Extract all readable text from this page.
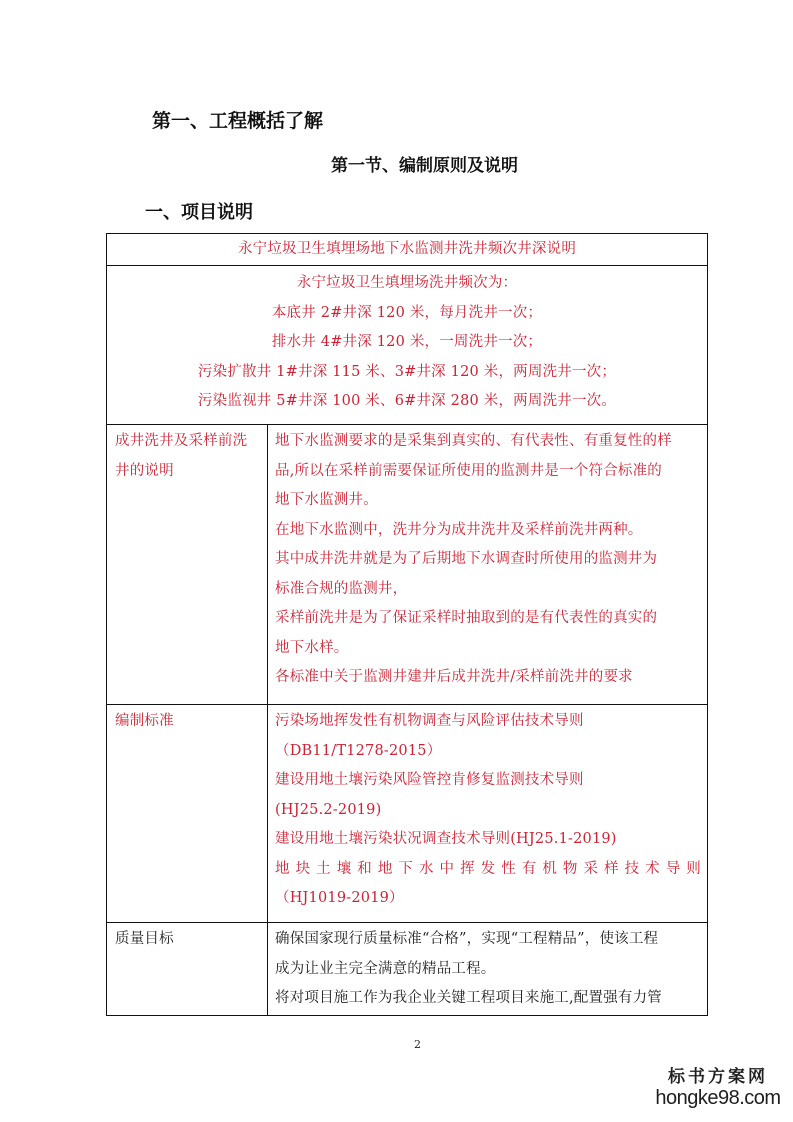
第一、工程概括了解
第一节、编制原则及说明
一、项目说明
永宁垃圾卫生填埋场地下水监测井洗井频次井深说明
永宁垃圾卫生填埋场洗井频次为：
本底井 2#井深 120 米，每月洗井一次；
排水井 4#井深 120 米，一周洗井一次；
污染扩散井 1#井深 115 米、3#井深 120 米，两周洗井一次；
污染监视井 5#井深 100 米、6#井深 280 米，两周洗井一次。
成井洗井及采样前洗
井的说明
地下水监测要求的是采集到真实的、有代表性、有重复性的样
品,所以在采样前需要保证所使用的监测井是一个符合标准的
地下水监测井。
在地下水监测中，洗井分为成井洗井及采样前洗井两种。
其中成井洗井就是为了后期地下水调查时所使用的监测井为
标准合规的监测井，
采样前洗井是为了保证采样时抽取到的是有代表性的真实的
地下水样。
各标准中关于监测井建井后成井洗井/采样前洗井的要求
编制标准	污染场地挥发性有机物调查与风险评估技术导则
（DB11/T1278-2015）
建设用地土壤污染风险管控肯修复监测技术导则
(HJ25.2-2019)
建设用地土壤污染状况调查技术导则(HJ25.1-2019)
地 块 土 壤 和 地 下 水 中 挥 发 性 有 机 物 采 样 技 术 导 则
（HJ1019-2019）
质量目标	确保国家现行质量标准“合格”，实现“工程精品”，使该工程
成为让业主完全满意的精品工程。
将对项目施工作为我企业关键工程项目来施工,配置强有力管
2
标书方案网
hongke98.com
